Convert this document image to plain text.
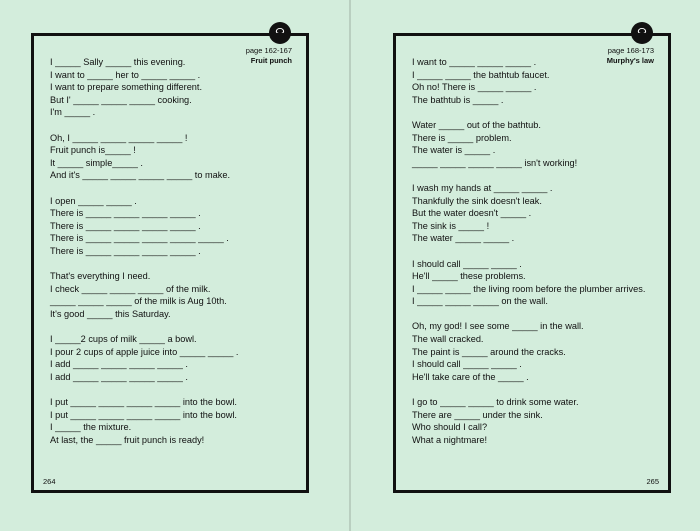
☊
page 162-167
Fruit punch
I _____ Sally _____ this evening.
I want to _____ her to _____ _____ .
I want to prepare something different.
But I' _____ _____ _____ cooking.
I'm _____ .
Oh, I _____ _____ _____ _____ !
Fruit punch is_____ !
It _____ simple_____ .
And it's _____ _____ _____ _____ to make.
I open _____ _____ .
There is _____ _____ _____ _____ .
There is _____ _____ _____ _____ .
There is _____ _____ _____ _____ _____ .
There is _____ _____ _____ _____ .
That's everything I need.
I check _____ _____ _____ of the milk.
_____ _____ _____ of the milk is Aug 10th.
It's good _____ this Saturday.
I _____2 cups of milk _____ a bowl.
I pour 2 cups of apple juice into _____ _____ .
I add _____ _____ _____ _____ .
I add _____ _____ _____ _____ .
I put _____ _____ _____ _____ into the bowl.
I put _____ _____ _____ _____ into the bowl.
I _____ the mixture.
At last, the _____ fruit punch is ready!
264
☊
page 168-173
Murphy's law
I want to _____ _____ _____ .
I _____ _____ the bathtub faucet.
Oh no! There is _____ _____ .
The bathtub is _____ .
Water _____ out of the bathtub.
There is _____ problem.
The water is _____ .
_____ _____ _____ _____ isn't working!
I wash my hands at _____ _____ .
Thankfully the sink doesn't leak.
But the water doesn't _____ .
The sink is _____ !
The water _____ _____ .
I should call _____ _____ .
He'll _____ these problems.
I _____ _____ the living room before the plumber arrives.
I _____ _____ _____ on the wall.
Oh, my god! I see some _____ in the wall.
The wall cracked.
The paint is _____ around the cracks.
I should call _____ _____ .
He'll take care of the _____ .
I go to _____ _____ to drink some water.
There are _____ under the sink.
Who should I call?
What a nightmare!
265
